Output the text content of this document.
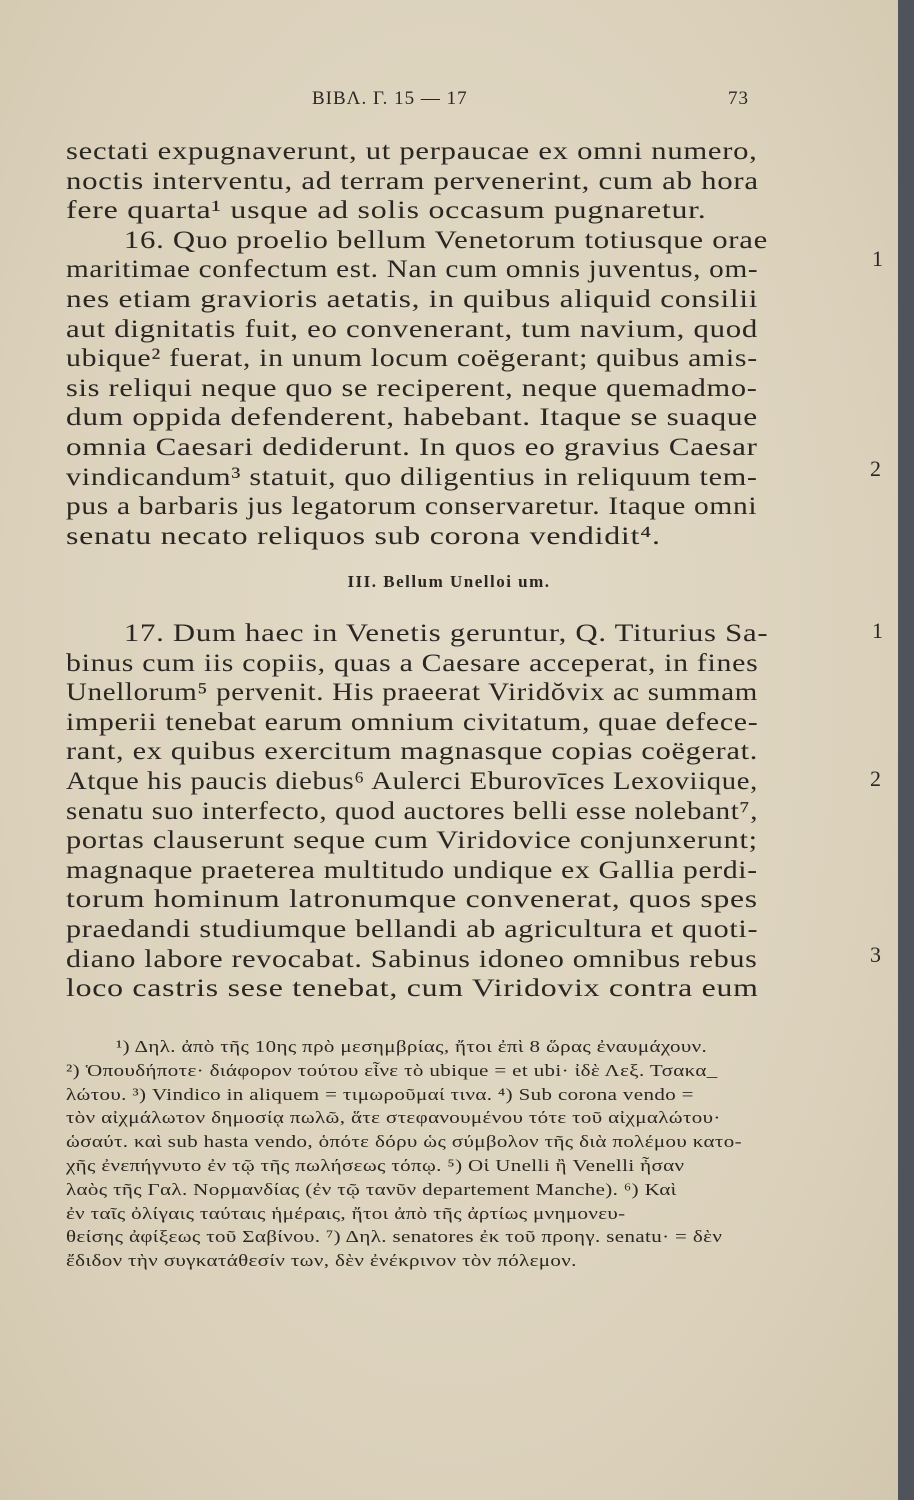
ΒΙΒΛ. Γ. 15 — 17	73
sectati expugnaverunt, ut perpaucae ex omni numero,
noctis interventu, ad terram pervenerint, cum ab hora
fere quarta¹ usque ad solis occasum pugnaretur.
16. Quo proelio bellum Venetorum totiusque orae
maritimae confectum est. Nan cum omnis juventus, om-
nes etiam gravioris aetatis, in quibus aliquid consilii
aut dignitatis fuit, eo convenerant, tum navium, quod
ubique² fuerat, in unum locum coëgerant; quibus amis-
sis reliqui neque quo se reciperent, neque quemadmo-
dum oppida defenderent, habebant. Itaque se suaque
omnia Caesari dediderunt. In quos eo gravius Caesar
vindicandum³ statuit, quo diligentius in reliquum tem-
pus a barbaris jus legatorum conservaretur. Itaque omni
senatu necato reliquos sub corona vendidit⁴.
1
2
III. Bellum Unelloi um.
17. Dum haec in Venetis geruntur, Q. Titurius Sa-
binus cum iis copiis, quas a Caesare acceperat, in fines
Unellorum⁵ pervenit. His praeerat Viridŏvix ac summam
imperii tenebat earum omnium civitatum, quae defece-
rant, ex quibus exercitum magnasque copias coëgerat.
Atque his paucis diebus⁶ Aulerci Eburovīces Lexoviique,
senatu suo interfecto, quod auctores belli esse nolebant⁷,
portas clauserunt seque cum Viridovice conjunxerunt;
magnaque praeterea multitudo undique ex Gallia perdi-
torum hominum latronumque convenerat, quos spes
praedandi studiumque bellandi ab agricultura et quoti-
diano labore revocabat. Sabinus idoneo omnibus rebus
loco castris sese tenebat, cum Viridovix contra eum
1
2
3
¹) Δηλ. ἀπὸ τῆς 10ης πρὸ μεσημβρίας, ἤτοι ἐπὶ 8 ὥρας ἐναυμάχουν.
²) Ὁπουδήποτε· διάφορον τούτου εἶνε τὸ ubique = et ubi· ἰδὲ Λεξ. Τσακα_
λώτου. ³) Vindico in aliquem = τιμωροῦμαί τινα. ⁴) Sub corona vendo =
τὸν αἰχμάλωτον δημοσίᾳ πωλῶ, ἅτε στεφανουμένου τότε τοῦ αἰχμαλώτου·
ὡσαύτ. καὶ sub hasta vendo, ὁπότε δόρυ ὡς σύμβολον τῆς διὰ πολέμου κατο-
χῆς ἐνεπήγνυτο ἐν τῷ τῆς πωλήσεως τόπῳ. ⁵) Οἱ Unelli ἢ Venelli ἦσαν
λαὸς τῆς Γαλ. Νορμανδίας (ἐν τῷ τανῦν departement Manche). ⁶) Καὶ
ἐν ταῖς ὀλίγαις ταύταις ἡμέραις, ἤτοι ἀπὸ τῆς ἀρτίως μνημονευ-
θείσης ἀφίξεως τοῦ Σαβίνου. ⁷) Δηλ. senatores ἐκ τοῦ προηγ. senatu· = δὲν
ἔδιδον τὴν συγκατάθεσίν των, δὲν ἐνέκρινον τὸν πόλεμον.
